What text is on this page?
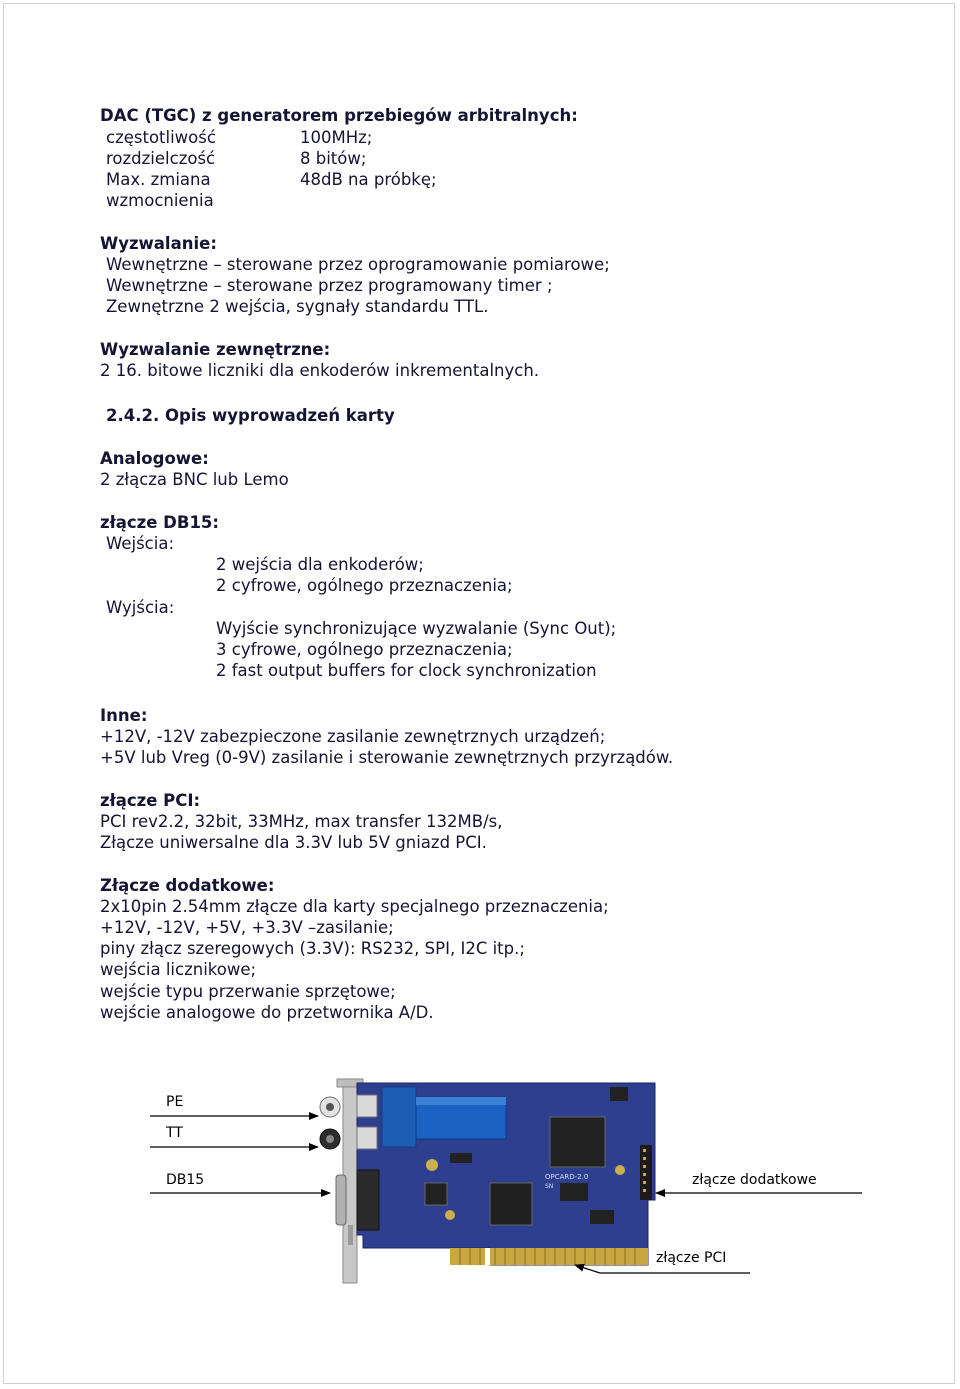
DAC (TGC) z generatorem przebiegów arbitralnych:
częstotliwość	100MHz;
rozdzielczość	8 bitów;
Max. zmiana	48dB na próbkę;
wzmocnienia
Wyzwalanie:
Wewnętrzne – sterowane przez oprogramowanie pomiarowe;
Wewnętrzne – sterowane przez programowany timer ;
Zewnętrzne 2 wejścia, sygnały standardu TTL.
Wyzwalanie zewnętrzne:
2 16. bitowe liczniki dla enkoderów inkrementalnych.
2.4.2. Opis wyprowadzeń karty
Analogowe:
2 złącza BNC lub Lemo
złącze DB15:
Wejścia:
2 wejścia dla enkoderów;
2 cyfrowe, ogólnego przeznaczenia;
Wyjścia:
Wyjście synchronizujące wyzwalanie (Sync Out);
3 cyfrowe, ogólnego przeznaczenia;
2 fast output buffers for clock synchronization
Inne:
+12V, -12V zabezpieczone zasilanie zewnętrznych urządzeń;
+5V lub Vreg (0-9V) zasilanie i sterowanie zewnętrznych przyrządów.
złącze PCI:
PCI rev2.2, 32bit, 33MHz, max transfer 132MB/s,
Złącze uniwersalne dla 3.3V lub 5V gniazd PCI.
Złącze dodatkowe:
2x10pin 2.54mm złącze dla karty specjalnego przeznaczenia;
+12V, -12V, +5V, +3.3V –zasilanie;
piny złącz szeregowych (3.3V): RS232, SPI, I2C itp.;
wejścia licznikowe;
wejście typu przerwanie sprzętowe;
wejście analogowe do przetwornika A/D.
OPCARD-2.0
SN
PE
TT
DB15	złącze dodatkowe
złącze PCI
